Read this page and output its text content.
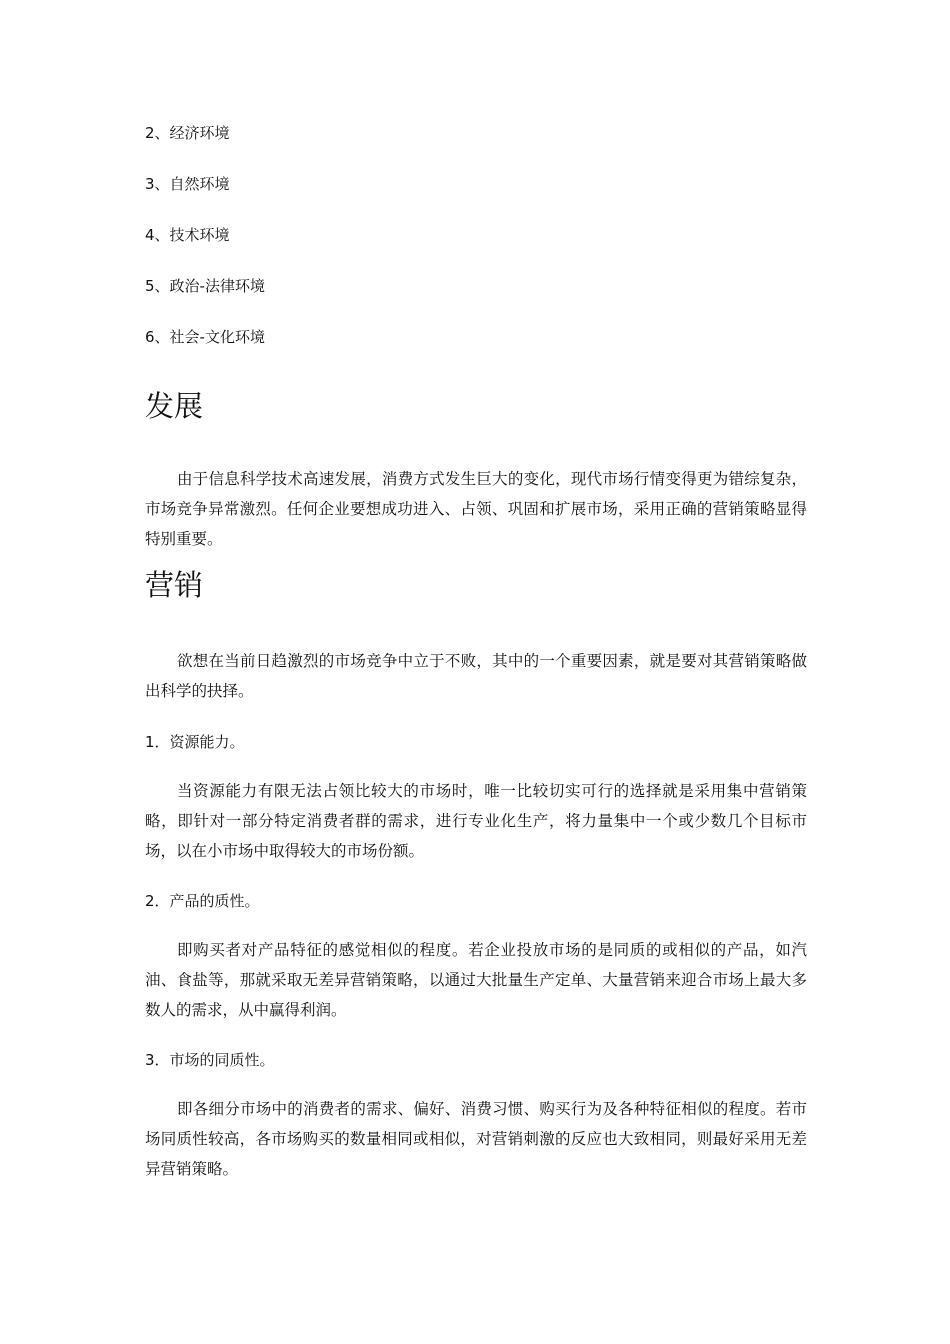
2、经济环境
3、自然环境
4、技术环境
5、政治-法律环境
6、社会-文化环境
发展

由于信息科学技术高速发展，消费方式发生巨大的变化，现代市场行情变得更为错综复杂，市场竞争异常激烈。任何企业要想成功进入、占领、巩固和扩展市场，采用正确的营销策略显得特别重要。

营销

欲想在当前日趋激烈的市场竞争中立于不败，其中的一个重要因素，就是要对其营销策略做出科学的抉择。

1．资源能力。

当资源能力有限无法占领比较大的市场时，唯一比较切实可行的选择就是采用集中营销策略，即针对一部分特定消费者群的需求，进行专业化生产，将力量集中一个或少数几个目标市场，以在小市场中取得较大的市场份额。

2．产品的质性。

即购买者对产品特征的感觉相似的程度。若企业投放市场的是同质的或相似的产品，如汽油、食盐等，那就采取无差异营销策略，以通过大批量生产定单、大量营销来迎合市场上最大多数人的需求，从中赢得利润。

3．市场的同质性。

即各细分市场中的消费者的需求、偏好、消费习惯、购买行为及各种特征相似的程度。若市场同质性较高，各市场购买的数量相同或相似，对营销刺激的反应也大致相同，则最好采用无差异营销策略。
